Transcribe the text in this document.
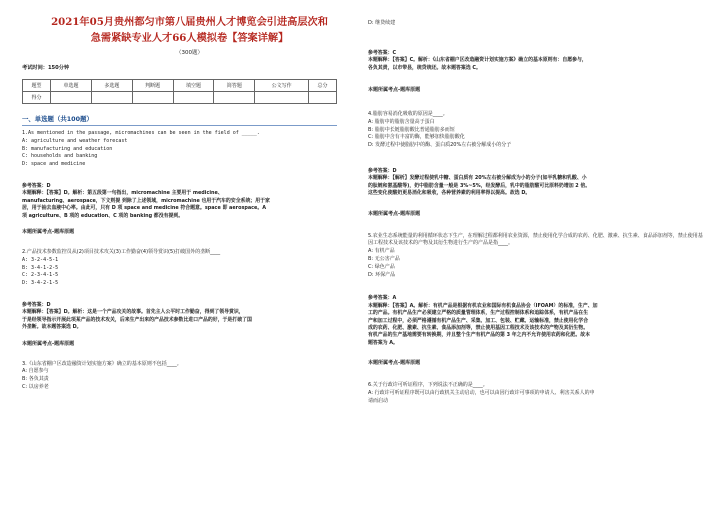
2021年05月贵州都匀市第八届贵州人才博览会引进高层次和
急需紧缺专业人才66人模拟卷【答案详解】
（300题）
考试时间：150分钟
题型	单选题	多选题	判断题	填空题	简答题	公文写作	总分
得分							
一、单选题（共100题）

1.As mentioned in the passage, micromachines can be seen in the field of _____.

A: agriculture and weather forecast

B: manufacturing and education

C: households and banking

D: space and medicine

参考答案：D

本题解释：【答案】D。解析：第五段第一句指出，micromachine 主要用于 medicine、

manufacturing、aerospace，下文则提 到除了上述领域，micromachine 也用于汽车的安全系统；用于家

居，用于抽去血液中心率。由此可，只有 D 项 space and medicine 符合题意。space 即 aerospace。A

项 agriculture、B 项的 education、C 项的 banking 都没有提到。

本题所属考点-题库原题

2.产品技术参数监控员从(2)项目技术攻关(3)工作勤奋(4)领导赏识(5)打破国外的垄断____

A: 3-2-4-5-1

B: 3-4-1-2-5

C: 2-3-4-1-5

D: 3-4-2-1-5

参考答案：D

本题解释：【答案】D。解析：这是一个产品攻关的故事。首先主人公平时工作勤奋，得到了领导赏识，

于是经领导指示开展此项某产品的技术攻关，后来生产出来的产品技术参数比进口产品的好，于是打破了国

外垄断。故本题答案选 D。

本题所属考点-题库原题

3.《山东省棚户区改造融资计划实施方案》确立的基本原则不包括____。

A: 自愿参与

B: 各负其责

C: 以房养老

D: 继贷续建

参考答案：C

本题解释：【答案】C。解析：《山东省棚户区改造融资计划实施方案》确立的基本原则有：自愿参与，

各负其责，以市带县，统贷统还。故本题答案选 C。

本题所属考点-题库原题

4.脂肪容易消化吸收的原因是____。

A: 脂肪中的脂肪含量高于蛋白

B: 脂肪中长链脂肪酸比普通脂肪多而短

C: 脂肪中含有丰富的酶，能够加快脂肪酸化

D: 发酵过程中使脂肪中的酶、蛋白质20%左右被分解成小的分子

参考答案：D

本题解释：【解析】发酵过程使乳中糖、蛋白质有 20%左右被分解成为小的分子(如半乳糖和乳酸、小

的肽链和氨基酸等)，奶中脂肪含量一般是 3%~5%，经发酵后，乳中的脂肪酸可比原料奶增加 2 倍。

这些变化使酸奶更易消化和吸收，各种营养素的利用率得以提高。故选 D。

本题所属考点-题库原题

5.农业生态系统能量的利用循环状态下生产，在理解过程都利用农业资源，禁止使用化学合成的农药、化肥、激素、抗生素、食品添加剂等，禁止使用基因工程技术及该技术的产物及其衍生物进行生产的产品是指____。

A: 有机产品

B: 无公害产品

C: 绿色产品

D: 环保产品

参考答案：A

本题解释：【答案】A。解析：有机产品是根据有机农业和国际有机食品协会（IFOAM）的标准，生产、加

工的产品。有机产品生产必须建立严格的质量管理体系，生产过程控制体系和追踪体系，有机产品在生

产和加工过程中，必须严格遵循有机产品生产、采集、加工、包装、贮藏、运输标准，禁止使用化学合

成的农药、化肥、激素、抗生素、食品添加剂等，禁止使用基因工程技术及该技术的产物及其衍生物。

有机产品的生产基地需要有转换期，并且整个生产有机产品的第 3 年之内不允许使用农药和化肥。故本

题答案为 A。

本题所属考点-题库原题

6.关于行政许可听证程序，下列说法不正确的是____。

A: 行政许可听证程序既可以由行政机关主动启动，也可以由因行政许可事项的申请人、利害关系人的申

请而启动
